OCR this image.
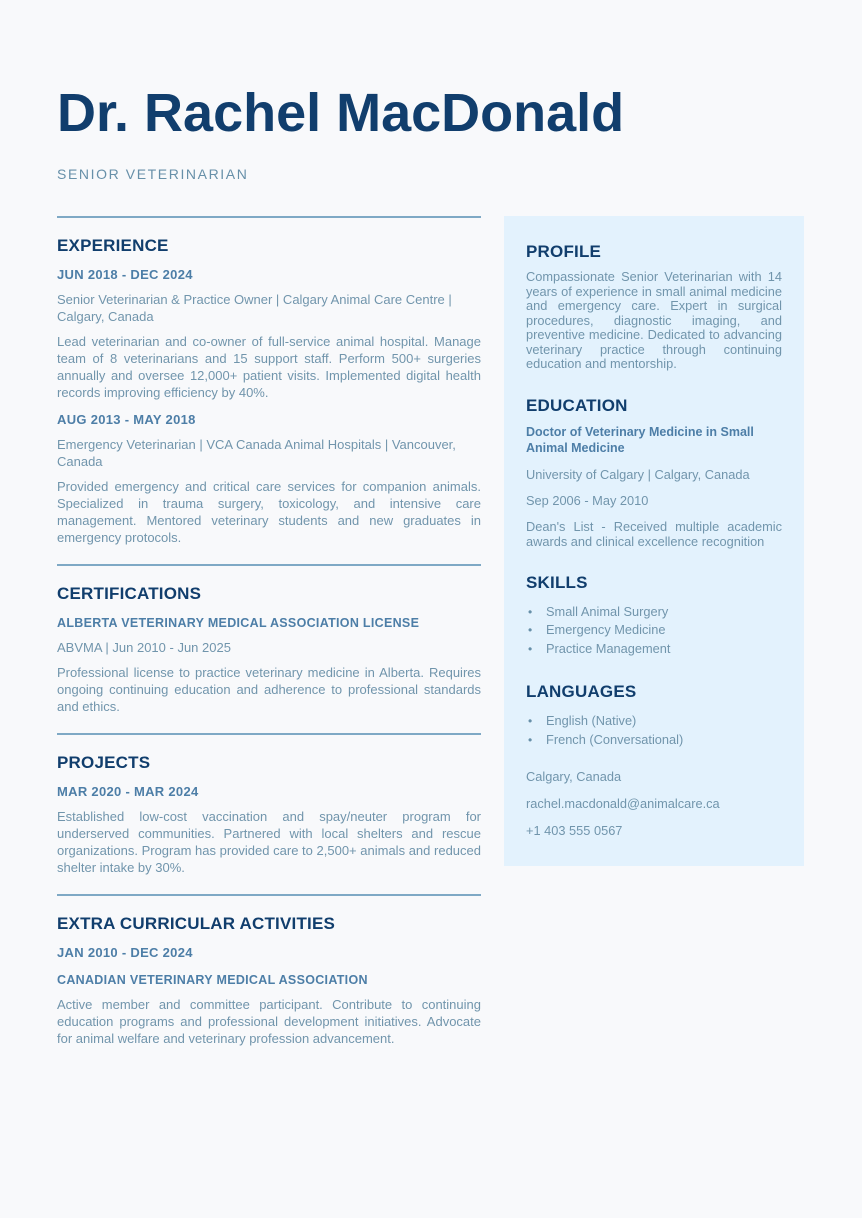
Dr. Rachel MacDonald
SENIOR VETERINARIAN
EXPERIENCE

JUN 2018 - DEC 2024

Senior Veterinarian & Practice Owner | Calgary Animal Care Centre | Calgary, Canada

Lead veterinarian and co-owner of full-service animal hospital. Manage team of 8 veterinarians and 15 support staff. Perform 500+ surgeries annually and oversee 12,000+ patient visits. Implemented digital health records improving efficiency by 40%.

AUG 2013 - MAY 2018

Emergency Veterinarian | VCA Canada Animal Hospitals | Vancouver, Canada

Provided emergency and critical care services for companion animals. Specialized in trauma surgery, toxicology, and intensive care management. Mentored veterinary students and new graduates in emergency protocols.

CERTIFICATIONS

ALBERTA VETERINARY MEDICAL ASSOCIATION LICENSE

ABVMA | Jun 2010 - Jun 2025

Professional license to practice veterinary medicine in Alberta. Requires ongoing continuing education and adherence to professional standards and ethics.

PROJECTS

MAR 2020 - MAR 2024

Established low-cost vaccination and spay/neuter program for underserved communities. Partnered with local shelters and rescue organizations. Program has provided care to 2,500+ animals and reduced shelter intake by 30%.

EXTRA CURRICULAR ACTIVITIES

JAN 2010 - DEC 2024

CANADIAN VETERINARY MEDICAL ASSOCIATION

Active member and committee participant. Contribute to continuing education programs and professional development initiatives. Advocate for animal welfare and veterinary profession advancement.

PROFILE

Compassionate Senior Veterinarian with 14 years of experience in small animal medicine and emergency care. Expert in surgical procedures, diagnostic imaging, and preventive medicine. Dedicated to advancing veterinary practice through continuing education and mentorship.

EDUCATION

Doctor of Veterinary Medicine in Small Animal Medicine

University of Calgary | Calgary, Canada

Sep 2006 - May 2010

Dean's List - Received multiple academic awards and clinical excellence recognition

SKILLS
•	Small Animal Surgery
•	Emergency Medicine
•	Practice Management
LANGUAGES
•	English (Native)
•	French (Conversational)

Calgary, Canada

rachel.macdonald@animalcare.ca

+1 403 555 0567
